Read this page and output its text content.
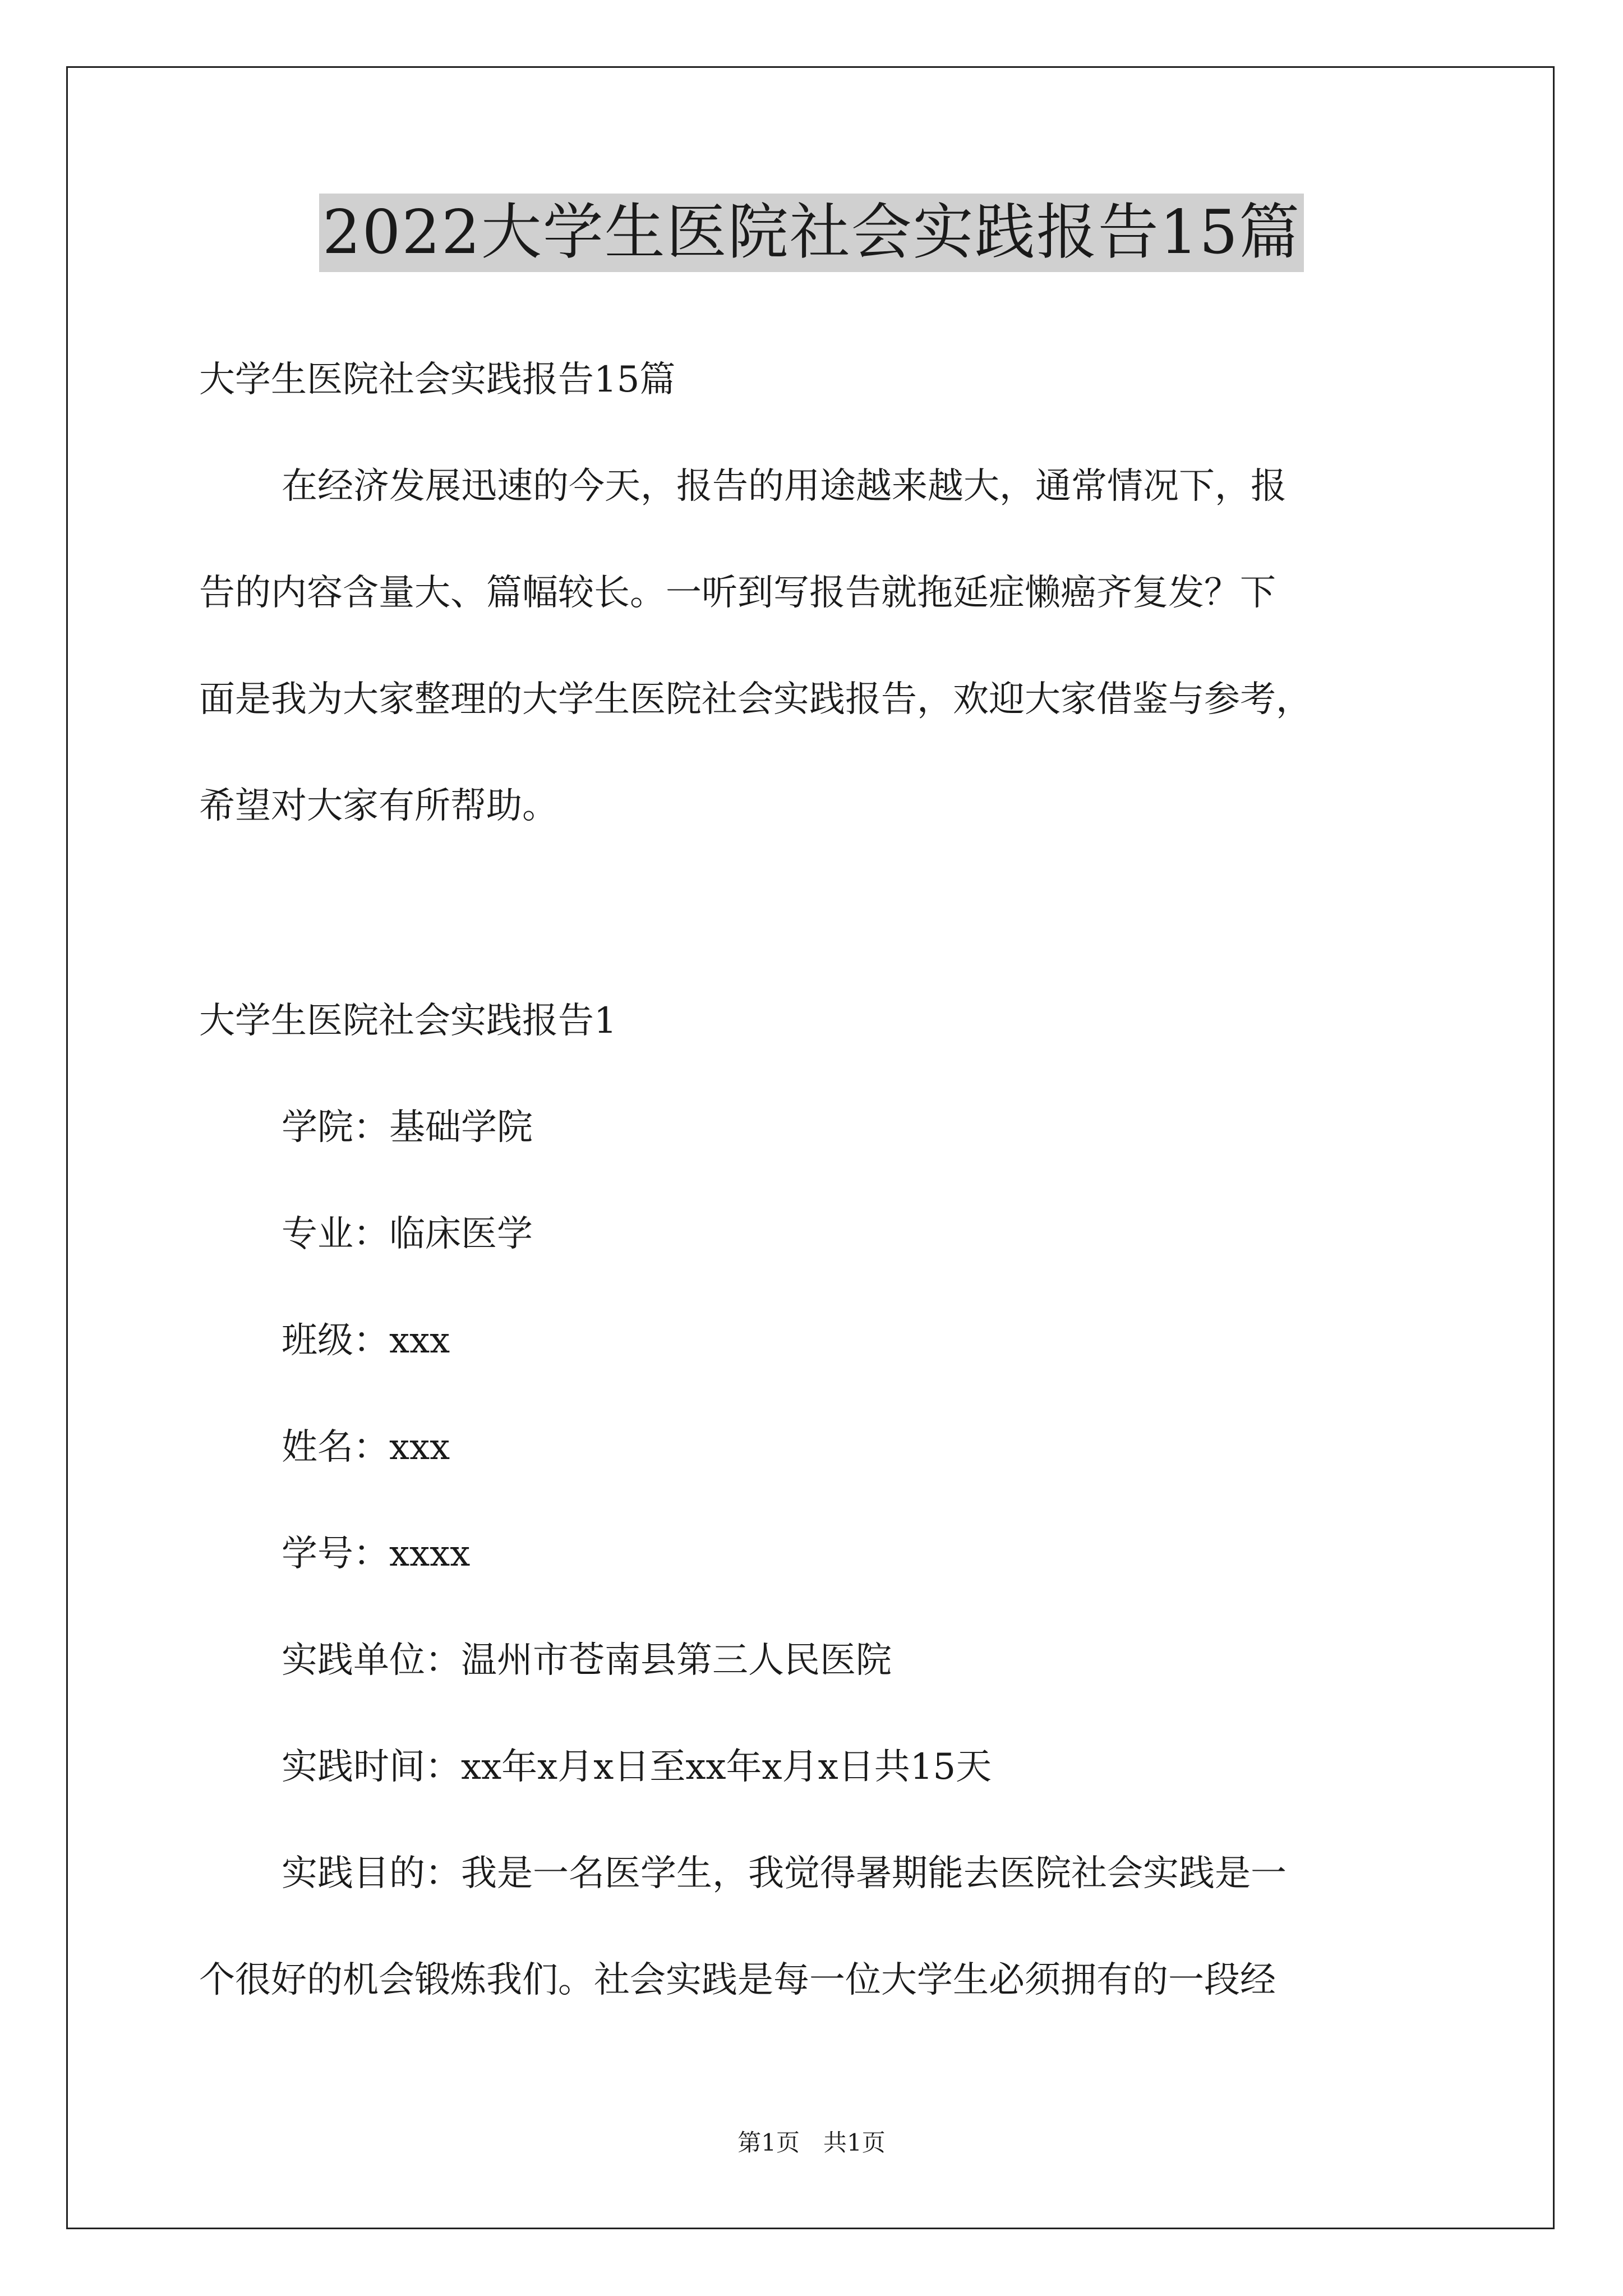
2022大学生医院社会实践报告15篇
大学生医院社会实践报告15篇
在经济发展迅速的今天，报告的用途越来越大，通常情况下，报
告的内容含量大、篇幅较长。一听到写报告就拖延症懒癌齐复发？下
面是我为大家整理的大学生医院社会实践报告，欢迎大家借鉴与参考，
希望对大家有所帮助。
大学生医院社会实践报告1
学院：基础学院
专业：临床医学
班级：xxx
姓名：xxx
学号：xxxx
实践单位：温州市苍南县第三人民医院
实践时间：xx年x月x日至xx年x月x日共15天
实践目的：我是一名医学生，我觉得暑期能去医院社会实践是一
个很好的机会锻炼我们。社会实践是每一位大学生必须拥有的一段经
第1页　共1页
